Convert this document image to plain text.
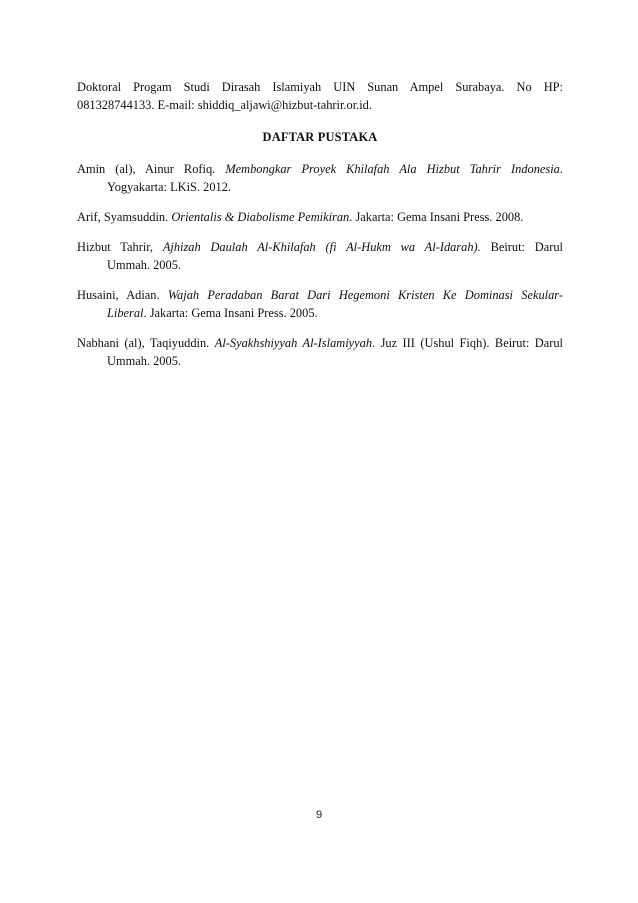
Doktoral Progam Studi Dirasah Islamiyah UIN Sunan Ampel Surabaya. No HP:
081328744133. E-mail: shiddiq_aljawi@hizbut-tahrir.or.id.

DAFTAR PUSTAKA
Amin (al), Ainur Rofiq. Membongkar Proyek Khilafah Ala Hizbut Tahrir Indonesia.
Yogyakarta: LKiS. 2012.
Arif, Syamsuddin. Orientalis & Diabolisme Pemikiran. Jakarta: Gema Insani Press. 2008.
Hizbut Tahrir, Ajhizah Daulah Al-Khilafah (fi Al-Hukm wa Al-Idarah). Beirut: Darul
Ummah. 2005.
Husaini, Adian. Wajah Peradaban Barat Dari Hegemoni Kristen Ke Dominasi Sekular-
Liberal. Jakarta: Gema Insani Press. 2005.
Nabhani (al), Taqiyuddin. Al-Syakhshiyyah Al-Islamiyyah. Juz III (Ushul Fiqh). Beirut: Darul
Ummah. 2005.
9
